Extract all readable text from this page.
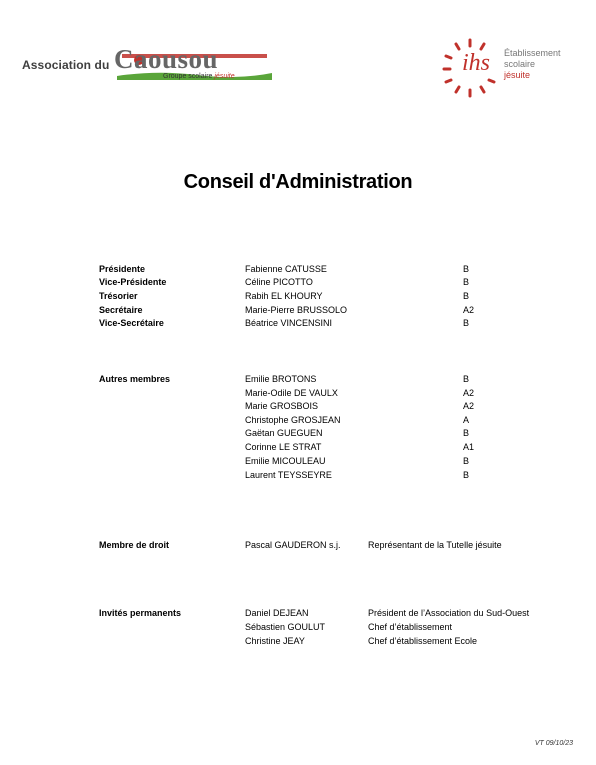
Association du Caousou
Groupe scolaire jésuite
ihs Établissement
scolaire
jésuite
Conseil d'Administration
Présidente	Fabienne CATUSSE	B
Vice-Présidente	Céline PICOTTO	B
Trésorier	Rabih EL KHOURY	B
Secrétaire	Marie-Pierre BRUSSOLO	A2
Vice-Secrétaire	Béatrice VINCENSINI	B
Autres membres	Emilie BROTONS	B
Marie-Odile DE VAULX	A2
Marie GROSBOIS	A2
Christophe GROSJEAN	A
Gaëtan GUEGUEN	B
Corinne LE STRAT	A1
Emilie MICOULEAU	B
Laurent TEYSSEYRE	B
Membre de droit	Pascal GAUDERON s.j.	Représentant de la Tutelle jésuite
Invités permanents	Daniel DEJEAN	Président de l’Association du Sud-Ouest
Sébastien GOULUT	Chef d’établissement
Christine JEAY	Chef d’établissement Ecole
VT 09/10/23
